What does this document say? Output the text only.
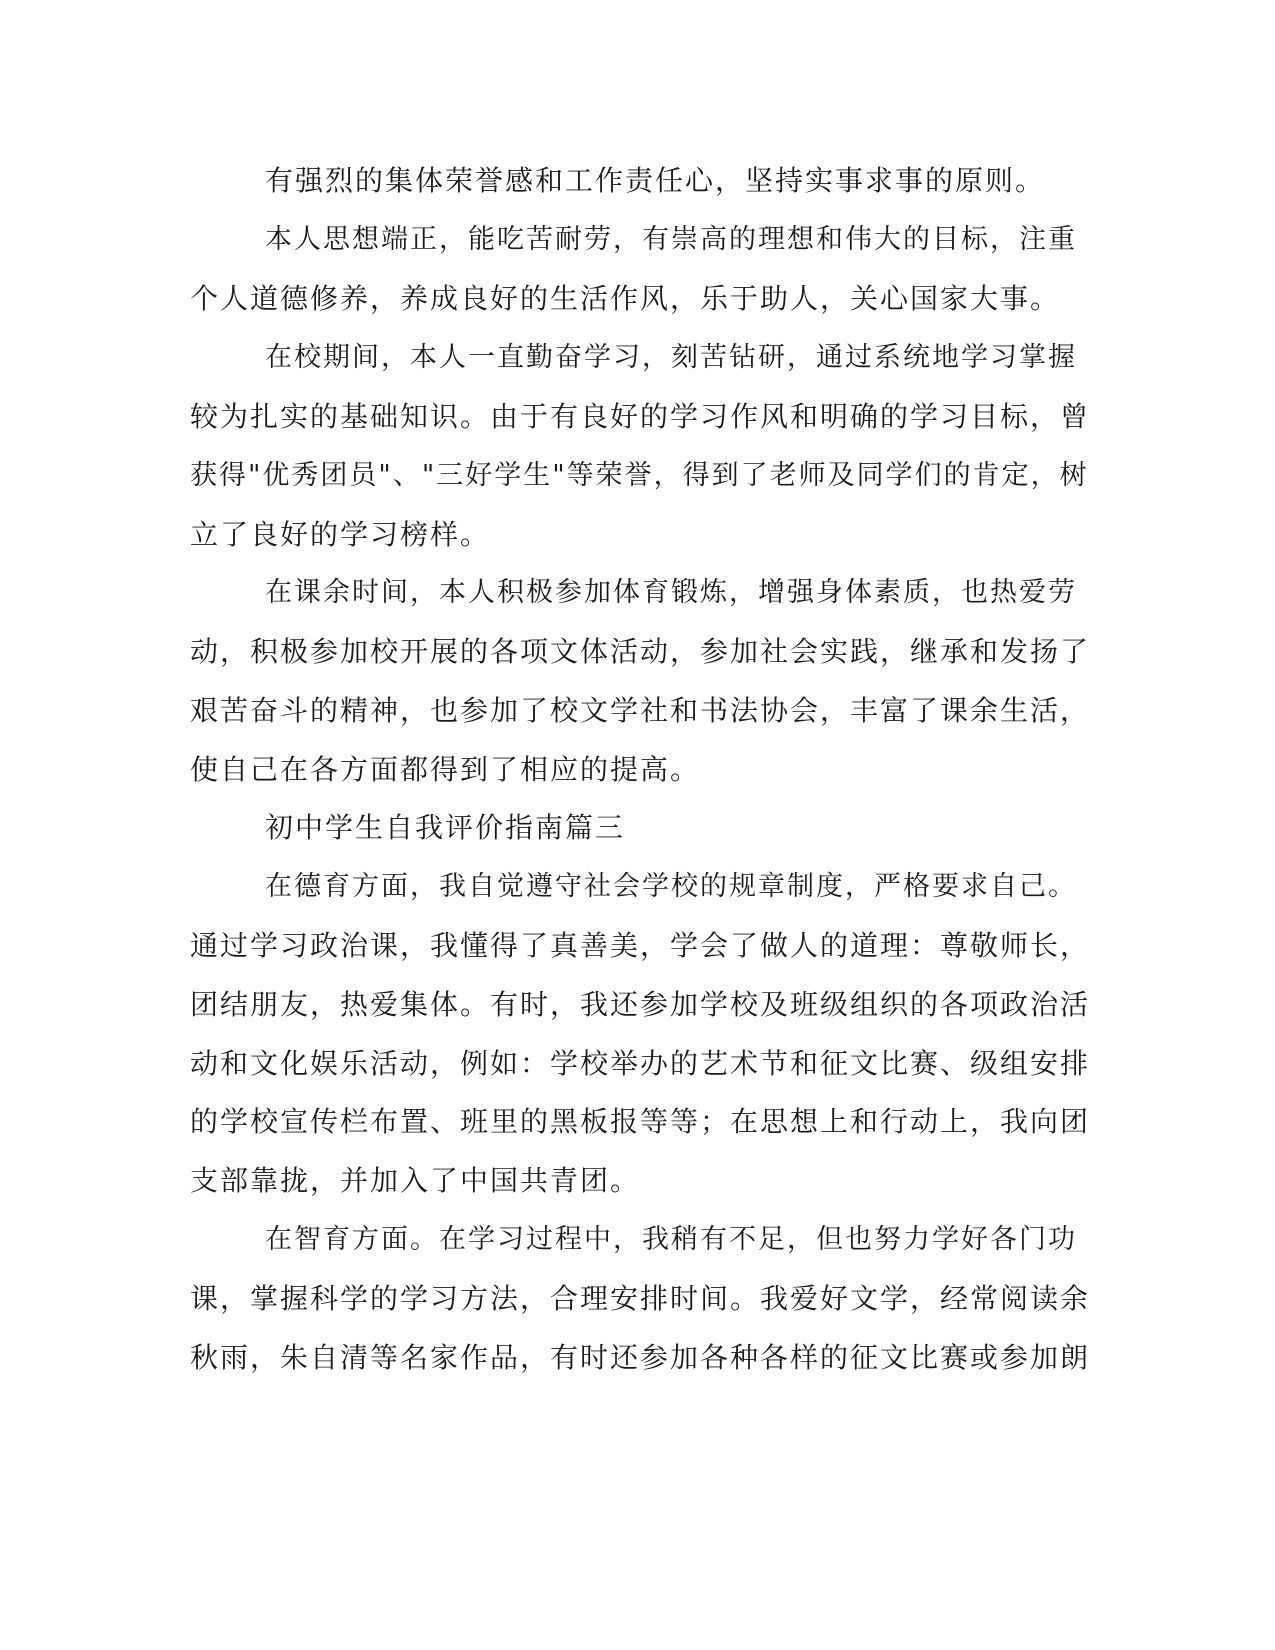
有强烈的集体荣誉感和工作责任心，坚持实事求事的原则。
本人思想端正，能吃苦耐劳，有崇高的理想和伟大的目标，注重
个人道德修养，养成良好的生活作风，乐于助人，关心国家大事。
在校期间，本人一直勤奋学习，刻苦钻研，通过系统地学习掌握
较为扎实的基础知识。由于有良好的学习作风和明确的学习目标，曾
获得"优秀团员"、"三好学生"等荣誉，得到了老师及同学们的肯定，树
立了良好的学习榜样。
在课余时间，本人积极参加体育锻炼，增强身体素质，也热爱劳
动，积极参加校开展的各项文体活动，参加社会实践，继承和发扬了
艰苦奋斗的精神，也参加了校文学社和书法协会，丰富了课余生活，
使自己在各方面都得到了相应的提高。
初中学生自我评价指南篇三
在德育方面，我自觉遵守社会学校的规章制度，严格要求自己。
通过学习政治课，我懂得了真善美，学会了做人的道理：尊敬师长，
团结朋友，热爱集体。有时，我还参加学校及班级组织的各项政治活
动和文化娱乐活动，例如：学校举办的艺术节和征文比赛、级组安排
的学校宣传栏布置、班里的黑板报等等；在思想上和行动上，我向团
支部靠拢，并加入了中国共青团。
在智育方面。在学习过程中，我稍有不足，但也努力学好各门功
课，掌握科学的学习方法，合理安排时间。我爱好文学，经常阅读余
秋雨，朱自清等名家作品，有时还参加各种各样的征文比赛或参加朗
